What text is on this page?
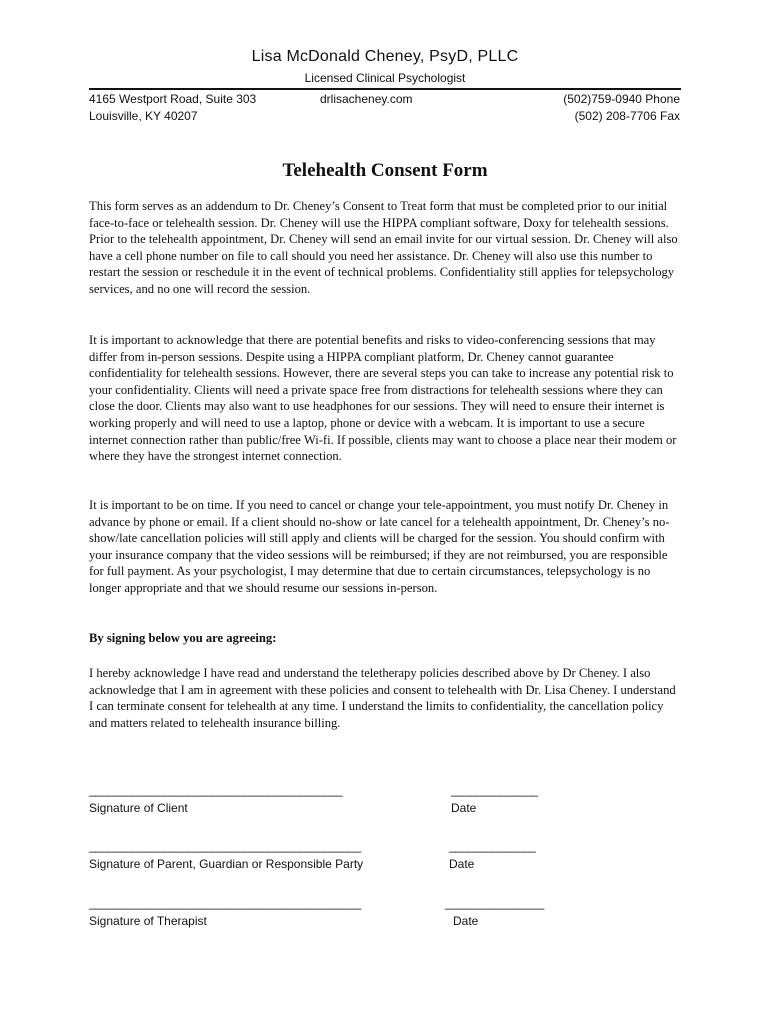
Lisa McDonald Cheney, PsyD, PLLC
Licensed Clinical Psychologist
4165 Westport Road, Suite 303
Louisville, KY 40207
drlisacheney.com	(502)759-0940 Phone
(502) 208-7706 Fax
Telehealth Consent Form
This form serves as an addendum to Dr. Cheney’s Consent to Treat form that must be completed prior to our initial face-to-face or telehealth session. Dr. Cheney will use the HIPPA compliant software, Doxy for telehealth sessions. Prior to the telehealth appointment, Dr. Cheney will send an email invite for our virtual session. Dr. Cheney will also have a cell phone number on file to call should you need her assistance. Dr. Cheney will also use this number to restart the session or reschedule it in the event of technical problems. Confidentiality still applies for telepsychology services, and no one will record the session.
It is important to acknowledge that there are potential benefits and risks to video-conferencing sessions that may differ from in-person sessions. Despite using a HIPPA compliant platform, Dr. Cheney cannot guarantee confidentiality for telehealth sessions. However, there are several steps you can take to increase any potential risk to your confidentiality. Clients will need a private space free from distractions for telehealth sessions where they can close the door. Clients may also want to use headphones for our sessions. They will need to ensure their internet is working properly and will need to use a laptop, phone or device with a webcam. It is important to use a secure internet connection rather than public/free Wi-fi. If possible, clients may want to choose a place near their modem or where they have the strongest internet connection.
It is important to be on time. If you need to cancel or change your tele-appointment, you must notify Dr. Cheney in advance by phone or email. If a client should no-show or late cancel for a telehealth appointment, Dr. Cheney’s no-show/late cancellation policies will still apply and clients will be charged for the session. You should confirm with your insurance company that the video sessions will be reimbursed; if they are not reimbursed, you are responsible for full payment. As your psychologist, I may determine that due to certain circumstances, telepsychology is no longer appropriate and that we should resume our sessions in-person.
By signing below you are agreeing:
I hereby acknowledge I have read and understand the teletherapy policies described above by Dr Cheney. I also acknowledge that I am in agreement with these policies and consent to telehealth with Dr. Lisa Cheney. I understand I can terminate consent for telehealth at any time. I understand the limits to confidentiality, the cancellation policy and matters related to telehealth insurance billing.
_________________________________________
Signature of Client
______________
Date
____________________________________________
Signature of Parent, Guardian or Responsible Party
______________
Date
____________________________________________
Signature of Therapist
________________
Date
